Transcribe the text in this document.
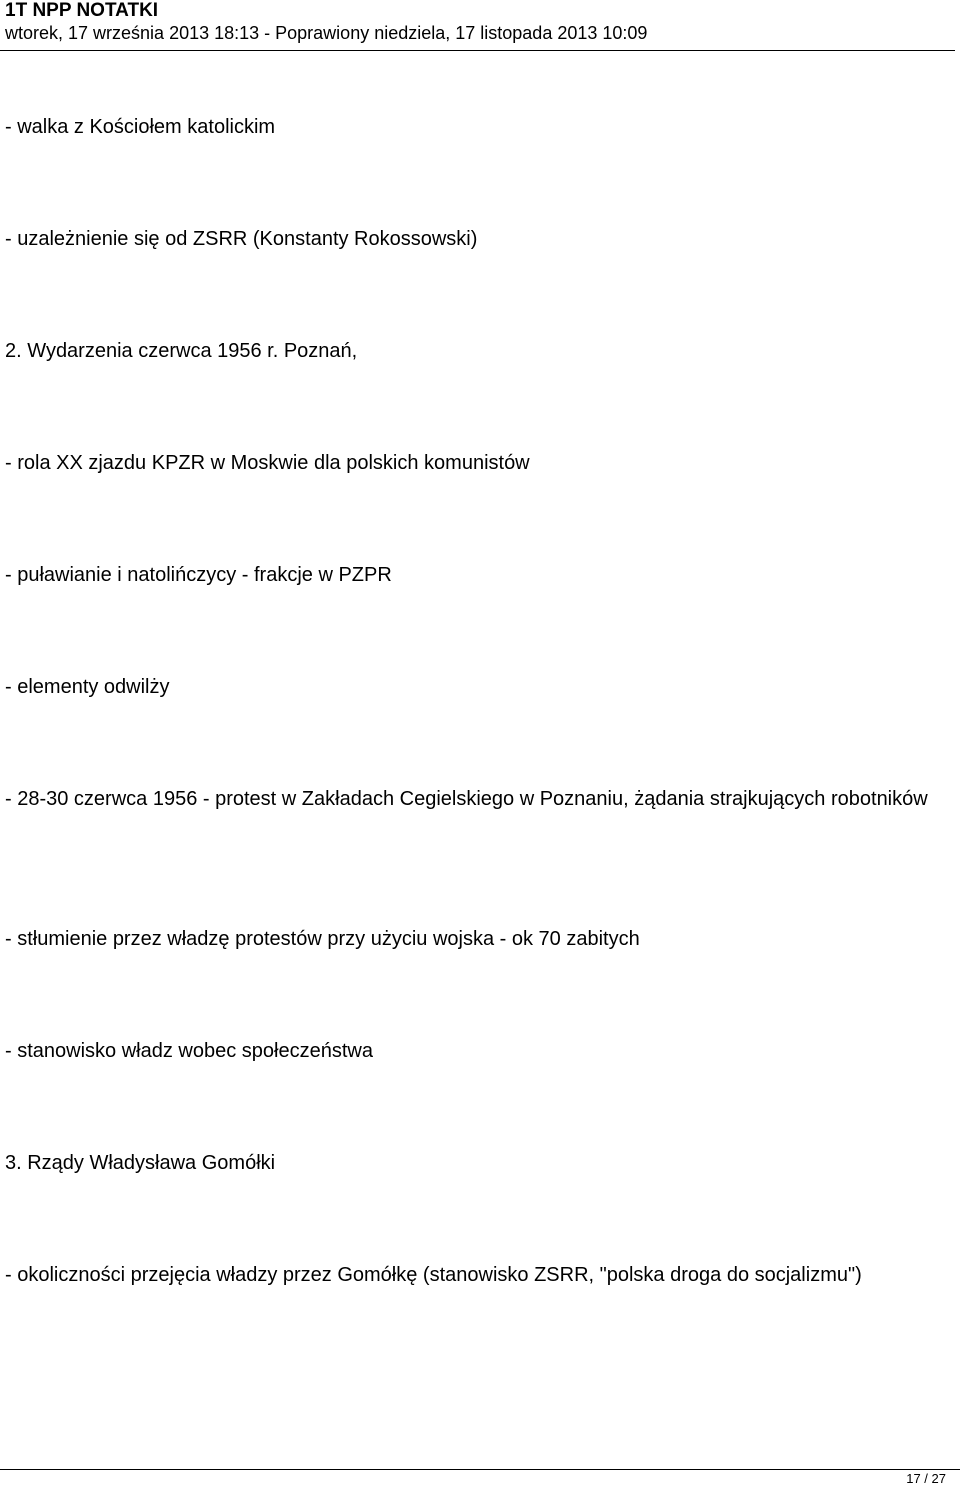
1T NPP NOTATKI

wtorek, 17 września 2013 18:13 - Poprawiony niedziela, 17 listopada 2013 10:09

- walka z Kościołem katolickim

- uzależnienie się od ZSRR (Konstanty Rokossowski)

2. Wydarzenia czerwca 1956 r. Poznań,

- rola XX zjazdu KPZR w Moskwie dla polskich komunistów

- puławianie i natolińczycy - frakcje w PZPR

- elementy odwilży

- 28-30 czerwca 1956 - protest w Zakładach Cegielskiego w Poznaniu, żądania strajkujących robotników

- stłumienie przez władzę protestów przy użyciu wojska - ok 70 zabitych

- stanowisko władz wobec społeczeństwa

3. Rządy Władysława Gomółki

- okoliczności przejęcia władzy przez Gomółkę (stanowisko ZSRR, "polska droga do socjalizmu")

17 / 27
